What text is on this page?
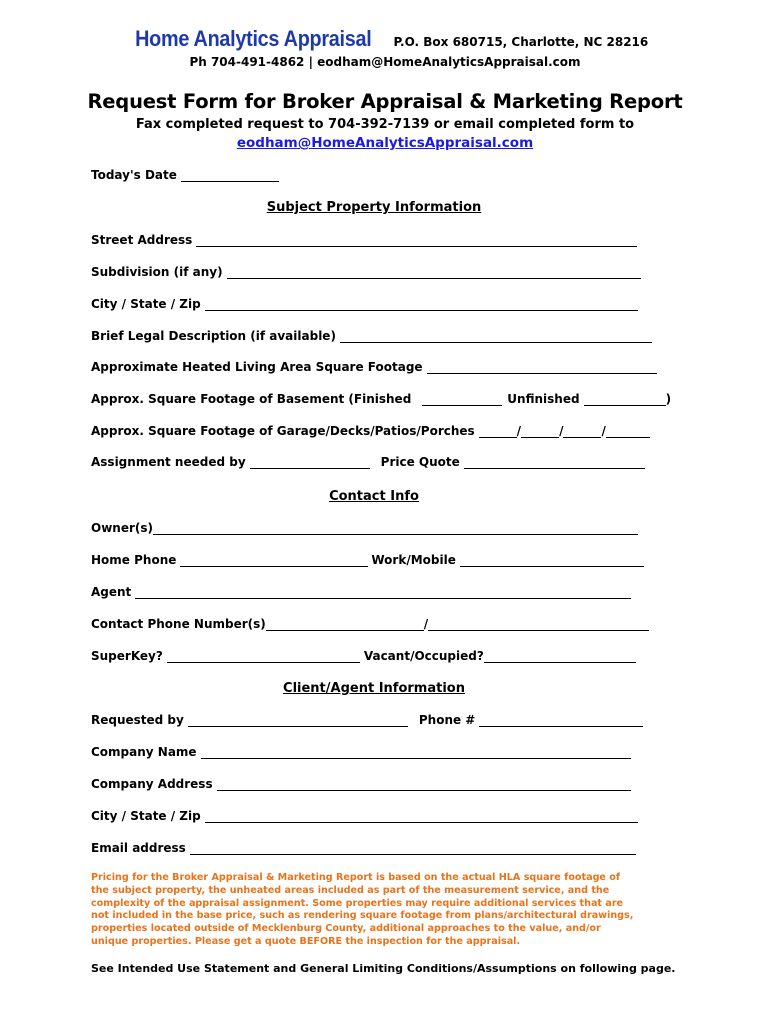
Home Analytics Appraisal P.O. Box 680715, Charlotte, NC 28216
Ph 704-491-4862 | eodham@HomeAnalyticsAppraisal.com
Request Form for Broker Appraisal & Marketing Report
Fax completed request to 704-392-7139 or email completed form to
eodham@HomeAnalyticsAppraisal.com
Today's Date
Subject Property Information
Street Address
Subdivision (if any)
City / State / Zip
Brief Legal Description (if available)
Approximate Heated Living Area Square Footage
Approx. Square Footage of Basement (Finished	Unfinished	)
Approx. Square Footage of Garage/Decks/Patios/Porches	/	/	/
Assignment needed by	Price Quote
Contact Info
Owner(s)
Home Phone	Work/Mobile
Agent
Contact Phone Number(s)	/
SuperKey?	Vacant/Occupied?
Client/Agent Information
Requested by	Phone #
Company Name
Company Address
City / State / Zip
Email address
Pricing for the Broker Appraisal & Marketing Report is based on the actual HLA square footage of the subject property, the unheated areas included as part of the measurement service, and the complexity of the appraisal assignment. Some properties may require additional services that are not included in the base price, such as rendering square footage from plans/architectural drawings, properties located outside of Mecklenburg County, additional approaches to the value, and/or unique properties. Please get a quote BEFORE the inspection for the appraisal.
See Intended Use Statement and General Limiting Conditions/Assumptions on following page.
